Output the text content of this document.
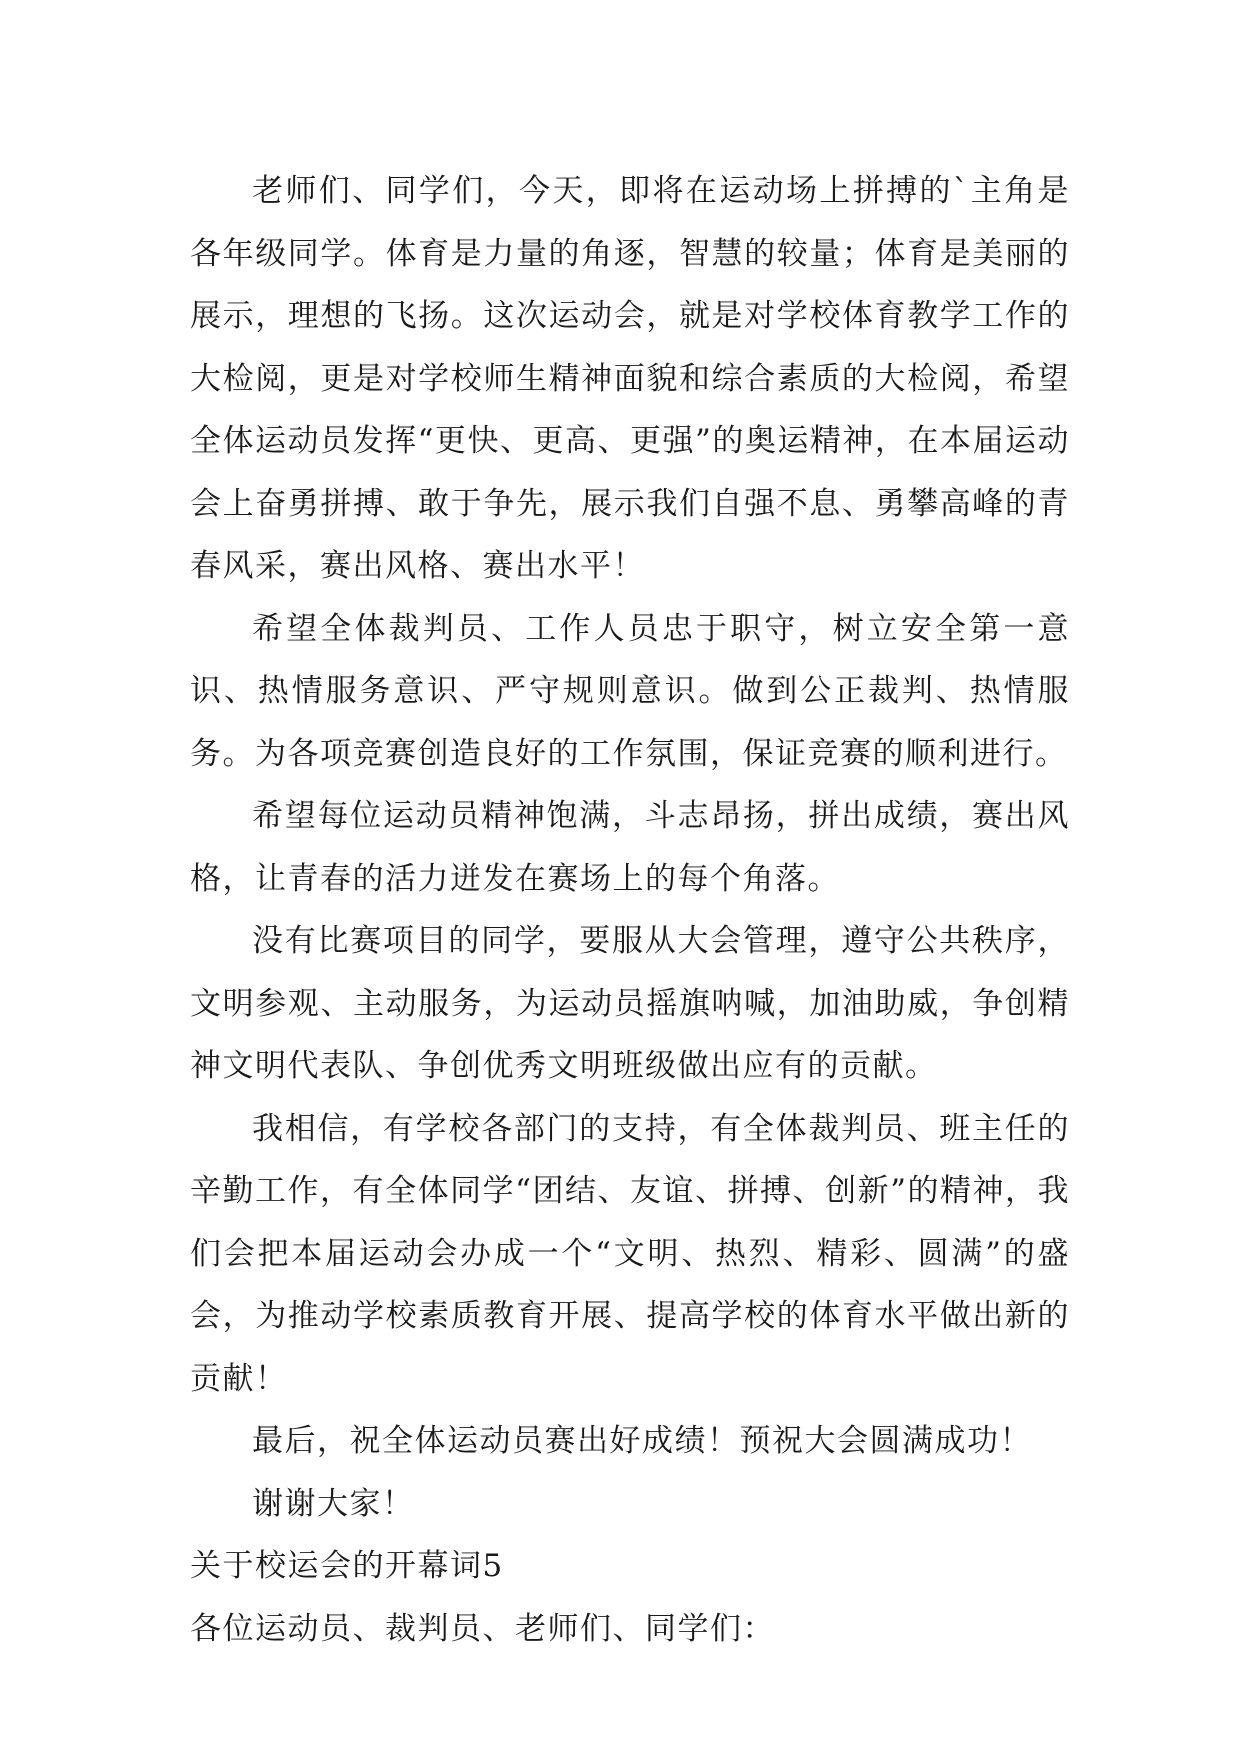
老师们、同学们，今天，即将在运动场上拼搏的`主角是各年级同学。体育是力量的角逐，智慧的较量；体育是美丽的展示，理想的飞扬。这次运动会，就是对学校体育教学工作的大检阅，更是对学校师生精神面貌和综合素质的大检阅，希望全体运动员发挥“更快、更高、更强”的奥运精神，在本届运动会上奋勇拼搏、敢于争先，展示我们自强不息、勇攀高峰的青春风采，赛出风格、赛出水平！

希望全体裁判员、工作人员忠于职守，树立安全第一意识、热情服务意识、严守规则意识。做到公正裁判、热情服务。为各项竞赛创造良好的工作氛围，保证竞赛的顺利进行。

希望每位运动员精神饱满，斗志昂扬，拼出成绩，赛出风格，让青春的活力迸发在赛场上的每个角落。

没有比赛项目的同学，要服从大会管理，遵守公共秩序，文明参观、主动服务，为运动员摇旗呐喊，加油助威，争创精神文明代表队、争创优秀文明班级做出应有的贡献。

我相信，有学校各部门的支持，有全体裁判员、班主任的辛勤工作，有全体同学“团结、友谊、拼搏、创新”的精神，我们会把本届运动会办成一个“文明、热烈、精彩、圆满”的盛会，为推动学校素质教育开展、提高学校的体育水平做出新的贡献！

最后，祝全体运动员赛出好成绩！预祝大会圆满成功！

谢谢大家！

关于校运会的开幕词5

各位运动员、裁判员、老师们、同学们：
